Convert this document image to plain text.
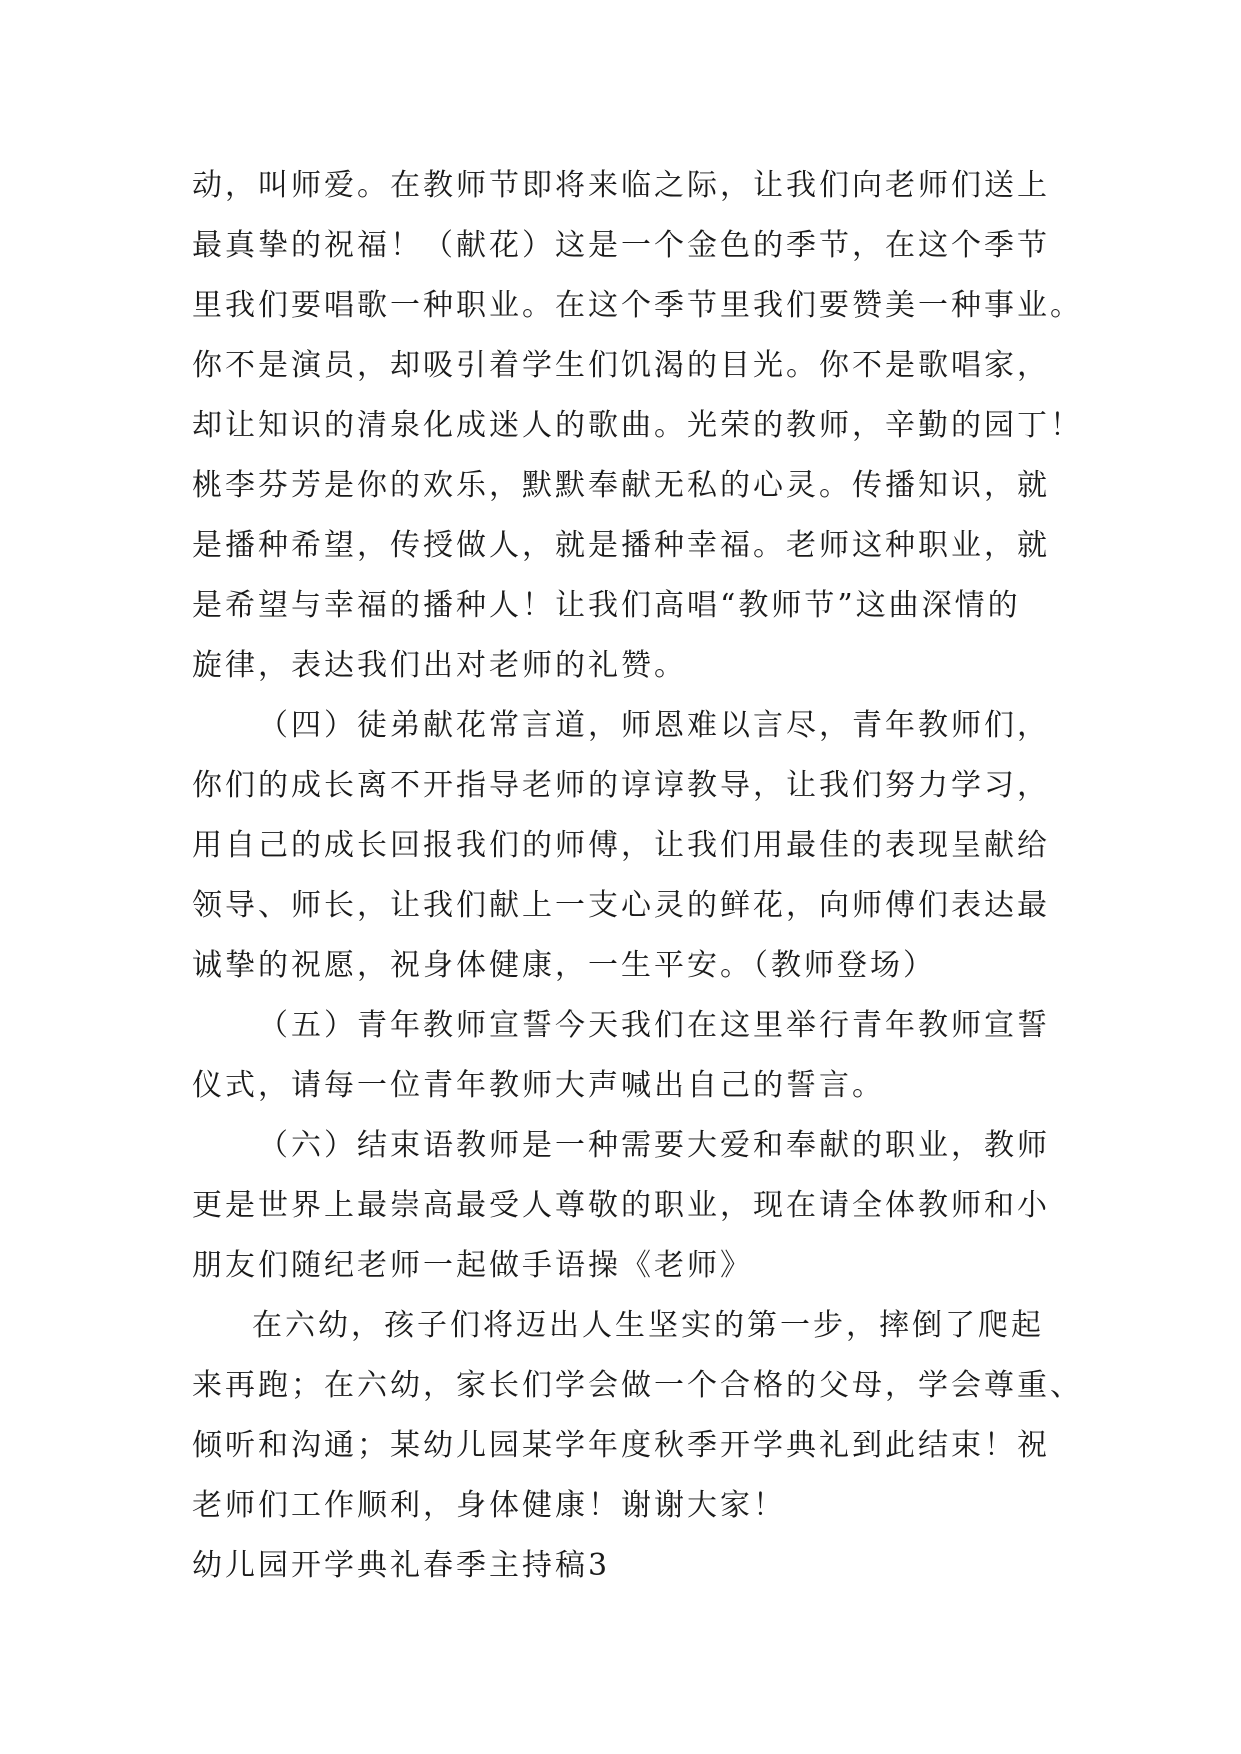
动，叫师爱。在教师节即将来临之际，让我们向老师们送上
最真挚的祝福！（献花）这是一个金色的季节，在这个季节
里我们要唱歌一种职业。在这个季节里我们要赞美一种事业。
你不是演员，却吸引着学生们饥渴的目光。你不是歌唱家，
却让知识的清泉化成迷人的歌曲。光荣的教师，辛勤的园丁！
桃李芬芳是你的欢乐，默默奉献无私的心灵。传播知识，就
是播种希望，传授做人，就是播种幸福。老师这种职业，就
是希望与幸福的播种人！让我们高唱“教师节”这曲深情的
旋律，表达我们出对老师的礼赞。
（四）徒弟献花常言道，师恩难以言尽，青年教师们，
你们的成长离不开指导老师的谆谆教导，让我们努力学习，
用自己的成长回报我们的师傅，让我们用最佳的表现呈献给
领导、师长，让我们献上一支心灵的鲜花，向师傅们表达最
诚挚的祝愿，祝身体健康，一生平安。（教师登场）
（五）青年教师宣誓今天我们在这里举行青年教师宣誓
仪式，请每一位青年教师大声喊出自己的誓言。
（六）结束语教师是一种需要大爱和奉献的职业，教师
更是世界上最崇高最受人尊敬的职业，现在请全体教师和小
朋友们随纪老师一起做手语操《老师》
在六幼，孩子们将迈出人生坚实的第一步，摔倒了爬起
来再跑；在六幼，家长们学会做一个合格的父母，学会尊重、
倾听和沟通；某幼儿园某学年度秋季开学典礼到此结束！祝
老师们工作顺利，身体健康！谢谢大家！
幼儿园开学典礼春季主持稿3
